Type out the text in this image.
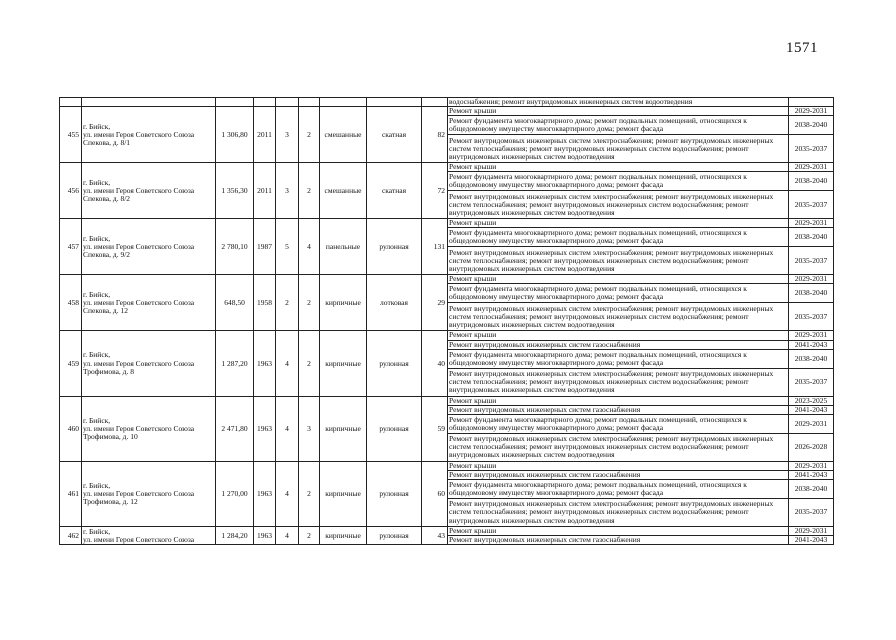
1571
									водоснабжения; ремонт внутридомовых инженерных систем водоотведения	
455	г. Бийск,
ул. имени Героя Советского Союза
Спекова, д. 8/1	1 306,80	2011	3	2	смешанные	скатная	82	Ремонт крыши	2029-2031
									Ремонт фундамента многоквартирного дома; ремонт подвальных помещений, относящихся к общедомовому имуществу многоквартирного дома; ремонт фасада	2038-2040
									Ремонт внутридомовых инженерных систем электроснабжения; ремонт внутридомовых инженерных систем теплоснабжения; ремонт внутридомовых инженерных систем водоснабжения; ремонт внутридомовых инженерных систем водоотведения	2035-2037
456	г. Бийск,
ул. имени Героя Советского Союза
Спекова, д. 8/2	1 356,30	2011	3	2	смешанные	скатная	72	Ремонт крыши	2029-2031
									Ремонт фундамента многоквартирного дома; ремонт подвальных помещений, относящихся к общедомовому имуществу многоквартирного дома; ремонт фасада	2038-2040
									Ремонт внутридомовых инженерных систем электроснабжения; ремонт внутридомовых инженерных систем теплоснабжения; ремонт внутридомовых инженерных систем водоснабжения; ремонт внутридомовых инженерных систем водоотведения	2035-2037
457	г. Бийск,
ул. имени Героя Советского Союза
Спекова, д. 9/2	2 780,10	1987	5	4	панельные	рулонная	131	Ремонт крыши	2029-2031
									Ремонт фундамента многоквартирного дома; ремонт подвальных помещений, относящихся к общедомовому имуществу многоквартирного дома; ремонт фасада	2038-2040
									Ремонт внутридомовых инженерных систем электроснабжения; ремонт внутридомовых инженерных систем теплоснабжения; ремонт внутридомовых инженерных систем водоснабжения; ремонт внутридомовых инженерных систем водоотведения	2035-2037
458	г. Бийск,
ул. имени Героя Советского Союза
Спекова, д. 12	648,50	1958	2	2	кирпичные	лотковая	29	Ремонт крыши	2029-2031
									Ремонт фундамента многоквартирного дома; ремонт подвальных помещений, относящихся к общедомовому имуществу многоквартирного дома; ремонт фасада	2038-2040
									Ремонт внутридомовых инженерных систем электроснабжения; ремонт внутридомовых инженерных систем теплоснабжения; ремонт внутридомовых инженерных систем водоснабжения; ремонт внутридомовых инженерных систем водоотведения	2035-2037
459	г. Бийск,
ул. имени Героя Советского Союза
Трофимова, д. 8	1 287,20	1963	4	2	кирпичные	рулонная	40	Ремонт крыши	2029-2031
									Ремонт внутридомовых инженерных систем газоснабжения	2041-2043
									Ремонт фундамента многоквартирного дома; ремонт подвальных помещений, относящихся к общедомовому имуществу многоквартирного дома; ремонт фасада	2038-2040
									Ремонт внутридомовых инженерных систем электроснабжения; ремонт внутридомовых инженерных систем теплоснабжения; ремонт внутридомовых инженерных систем водоснабжения; ремонт внутридомовых инженерных систем водоотведения	2035-2037
460	г. Бийск,
ул. имени Героя Советского Союза
Трофимова, д. 10	2 471,80	1963	4	3	кирпичные	рулонная	59	Ремонт крыши	2023-2025
									Ремонт внутридомовых инженерных систем газоснабжения	2041-2043
									Ремонт фундамента многоквартирного дома; ремонт подвальных помещений, относящихся к общедомовому имуществу многоквартирного дома; ремонт фасада	2029-2031
									Ремонт внутридомовых инженерных систем электроснабжения; ремонт внутридомовых инженерных систем теплоснабжения; ремонт внутридомовых инженерных систем водоснабжения; ремонт внутридомовых инженерных систем водоотведения	2026-2028
461	г. Бийск,
ул. имени Героя Советского Союза
Трофимова, д. 12	1 270,00	1963	4	2	кирпичные	рулонная	60	Ремонт крыши	2029-2031
									Ремонт внутридомовых инженерных систем газоснабжения	2041-2043
									Ремонт фундамента многоквартирного дома; ремонт подвальных помещений, относящихся к общедомовому имуществу многоквартирного дома; ремонт фасада	2038-2040
									Ремонт внутридомовых инженерных систем электроснабжения; ремонт внутридомовых инженерных систем теплоснабжения; ремонт внутридомовых инженерных систем водоснабжения; ремонт внутридомовых инженерных систем водоотведения	2035-2037
462	г. Бийск,
ул. имени Героя Советского Союза	1 284,20	1963	4	2	кирпичные	рулонная	43	Ремонт крыши	2029-2031
									Ремонт внутридомовых инженерных систем газоснабжения	2041-2043
